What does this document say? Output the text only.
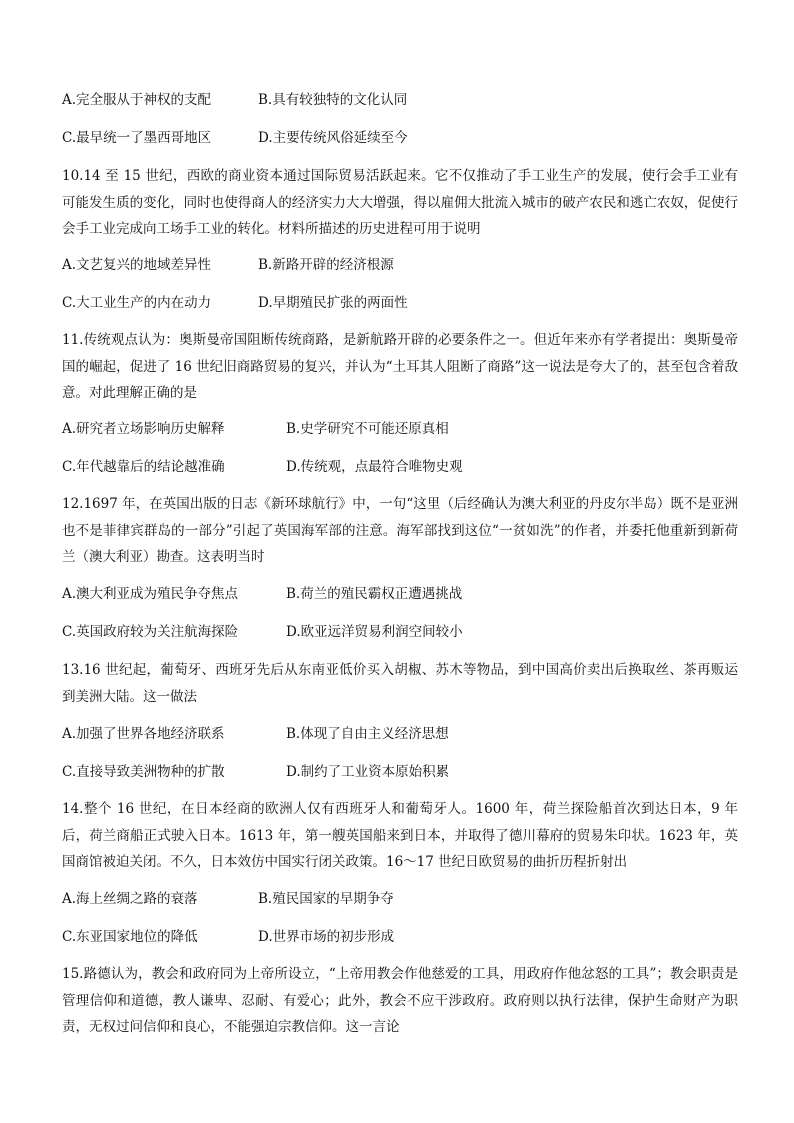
A.完全服从于神权的支配	B.具有较独特的文化认同
C.最早统一了墨西哥地区	D.主要传统风俗延续至今
10.14 至 15 世纪，西欧的商业资本通过国际贸易活跃起来。它不仅推动了手工业生产的发展，使行会手工业有可能发生质的变化，同时也使得商人的经济实力大大增强，得以雇佣大批流入城市的破产农民和逃亡农奴，促使行会手工业完成向工场手工业的转化。材料所描述的历史进程可用于说明
A.文艺复兴的地域差异性	B.新路开辟的经济根源
C.大工业生产的内在动力	D.早期殖民扩张的两面性
11.传统观点认为：奥斯曼帝国阻断传统商路，是新航路开辟的必要条件之一。但近年来亦有学者提出：奥斯曼帝国的崛起，促进了 16 世纪旧商路贸易的复兴，并认为“土耳其人阻断了商路”这一说法是夸大了的，甚至包含着敌意。对此理解正确的是
A.研究者立场影响历史解释	B.史学研究不可能还原真相
C.年代越靠后的结论越准确	D.传统观，点最符合唯物史观
12.1697 年，在英国出版的日志《新环球航行》中，一句“这里（后经确认为澳大利亚的丹皮尔半岛）既不是亚洲也不是菲律宾群岛的一部分”引起了英国海军部的注意。海军部找到这位“一贫如洗”的作者，并委托他重新到新荷兰（澳大利亚）勘查。这表明当时
A.澳大利亚成为殖民争夺焦点	B.荷兰的殖民霸权正遭遇挑战
C.英国政府较为关注航海探险	D.欧亚远洋贸易利润空间较小
13.16 世纪起，葡萄牙、西班牙先后从东南亚低价买入胡椒、苏木等物品，到中国高价卖出后换取丝、茶再贩运到美洲大陆。这一做法
A.加强了世界各地经济联系	B.体现了自由主义经济思想
C.直接导致美洲物种的扩散	D.制约了工业资本原始积累
14.整个 16 世纪，在日本经商的欧洲人仅有西班牙人和葡萄牙人。1600 年，荷兰探险船首次到达日本，9 年后，荷兰商船正式驶入日本。1613 年，第一艘英国船来到日本，并取得了德川幕府的贸易朱印状。1623 年，英国商馆被迫关闭。不久，日本效仿中国实行闭关政策。16～17 世纪日欧贸易的曲折历程折射出
A.海上丝绸之路的衰落	B.殖民国家的早期争夺
C.东亚国家地位的降低	D.世界市场的初步形成
15.路德认为，教会和政府同为上帝所设立，“上帝用教会作他慈爱的工具，用政府作他忿怒的工具”；教会职责是管理信仰和道德，教人谦卑、忍耐、有爱心；此外，教会不应干涉政府。政府则以执行法律，保护生命财产为职责，无权过问信仰和良心，不能强迫宗教信仰。这一言论
